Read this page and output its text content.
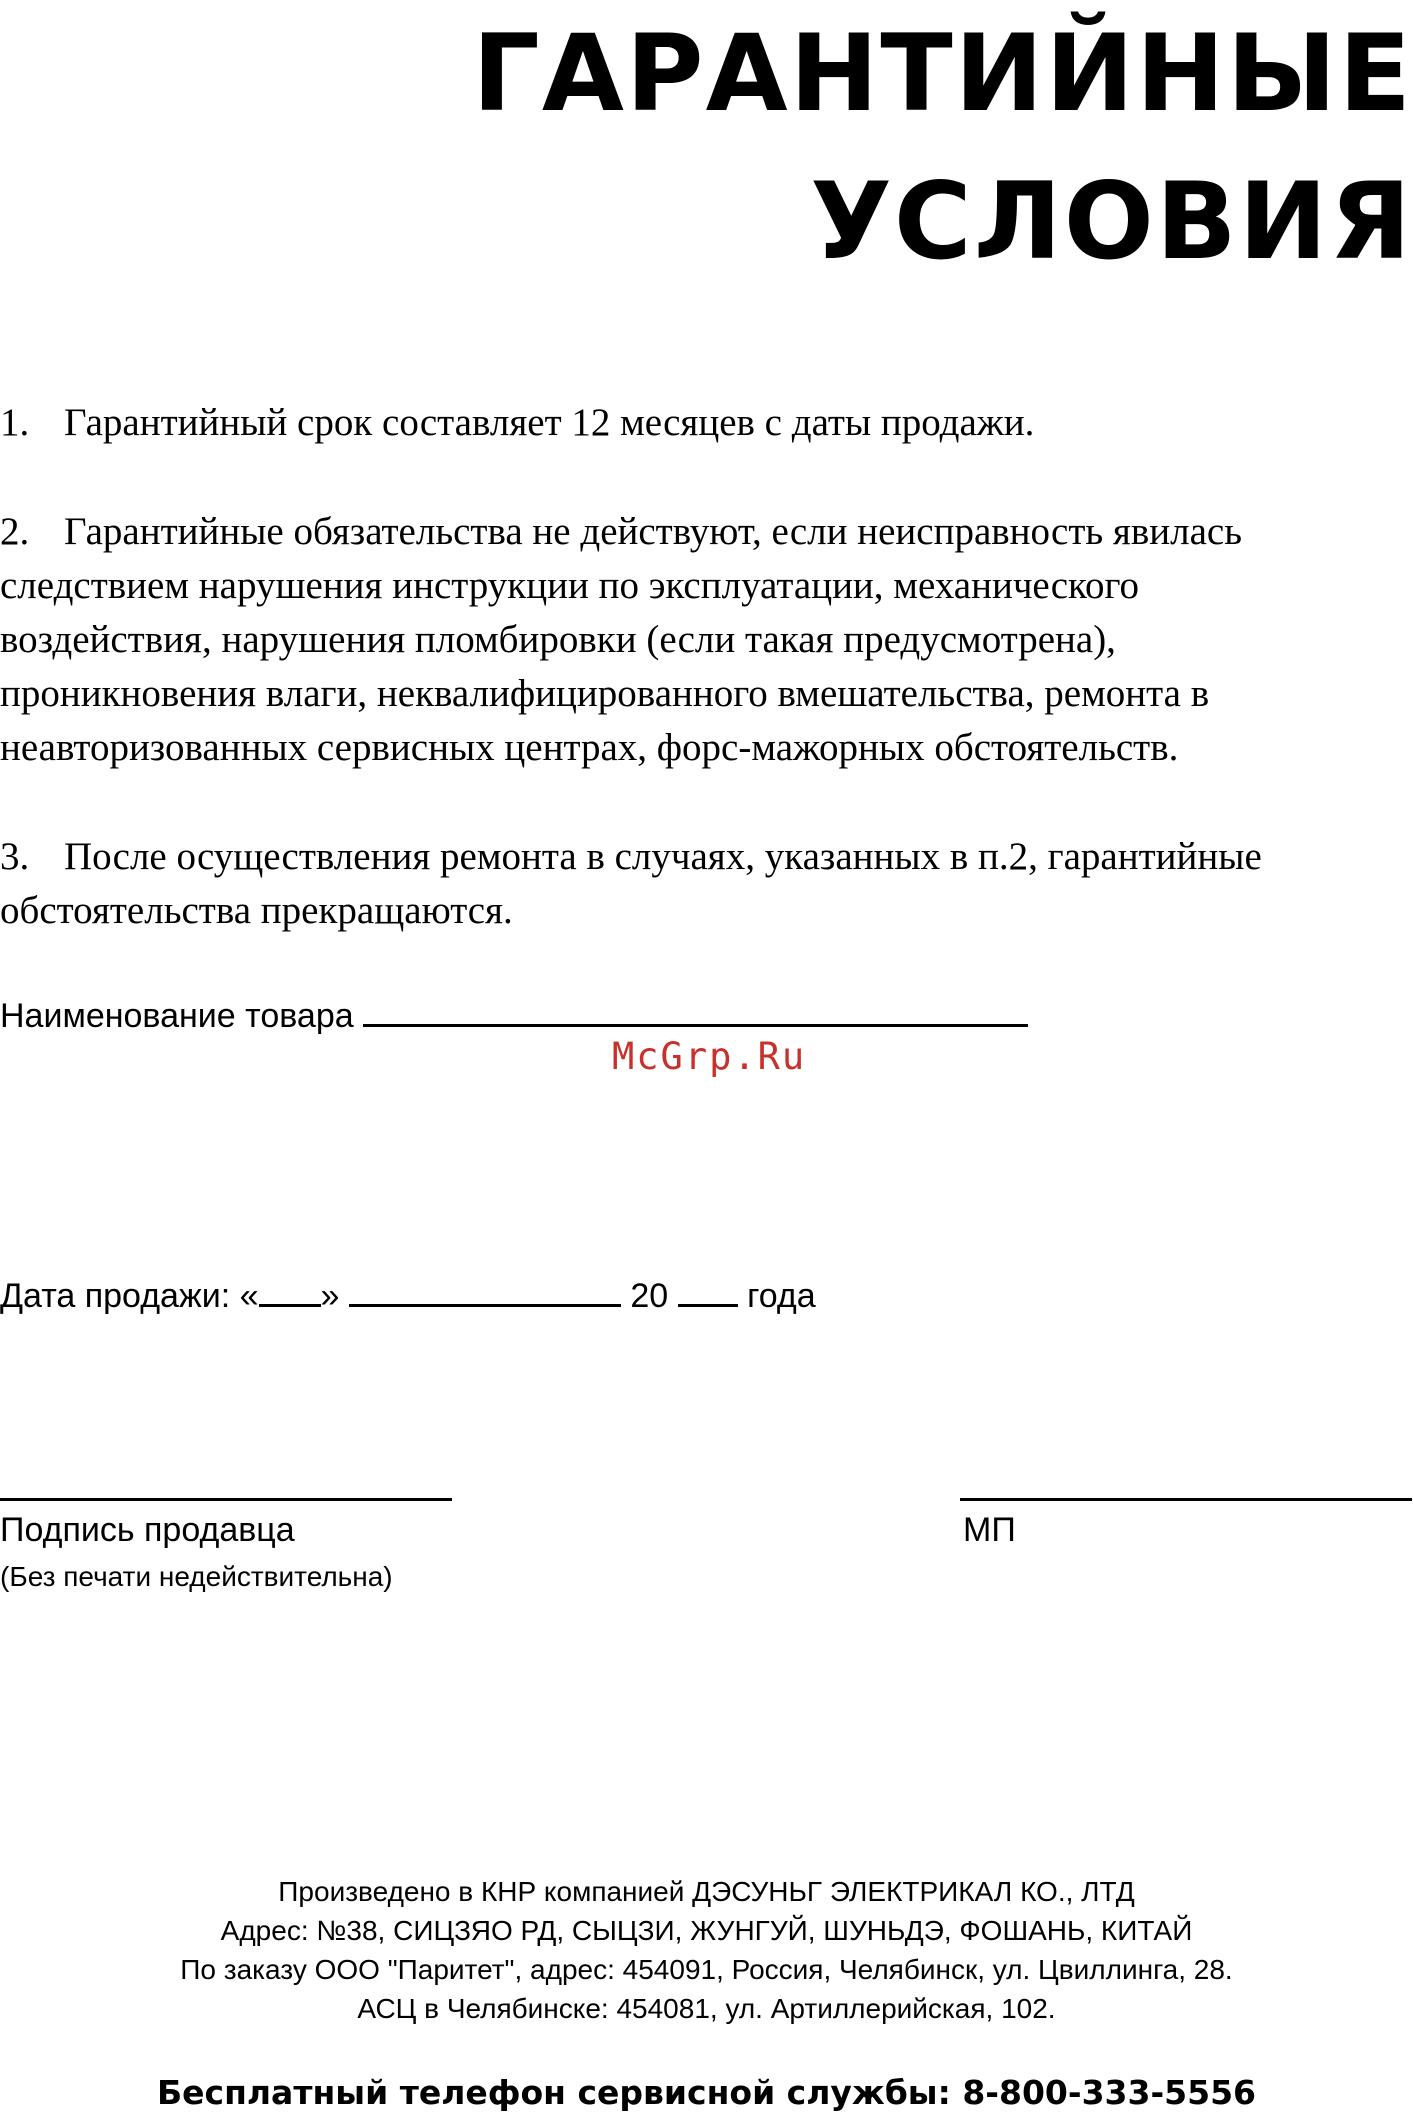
ГАРАНТИЙНЫЕ
УСЛОВИЯ
1. Гарантийный срок составляет 12 месяцев с даты продажи.
2. Гарантийные обязательства не действуют, если неисправность явилась
следствием нарушения инструкции по эксплуатации, механического
воздействия, нарушения пломбировки (если такая предусмотрена),
проникновения влаги, неквалифицированного вмешательства, ремонта в
неавторизованных сервисных центрах, форс-мажорных обстоятельств.
3. После осуществления ремонта в случаях, указанных в п.2, гарантийные
обстоятельства прекращаются.
Наименование товара
McGrp.Ru
Дата продажи: « »	20 года
Подпись продавца	МП
(Без печати недействительна)
Произведено в КНР компанией ДЭСУНЬГ ЭЛЕКТРИКАЛ КО., ЛТД
Адрес: №38, СИЦЗЯО РД, СЫЦЗИ, ЖУНГУЙ, ШУНЬДЭ, ФОШАНЬ, КИТАЙ
По заказу ООО "Паритет", адрес: 454091, Россия, Челябинск, ул. Цвиллинга, 28.
АСЦ в Челябинске: 454081, ул. Артиллерийская, 102.
Бесплатный телефон сервисной службы: 8-800-333-5556
